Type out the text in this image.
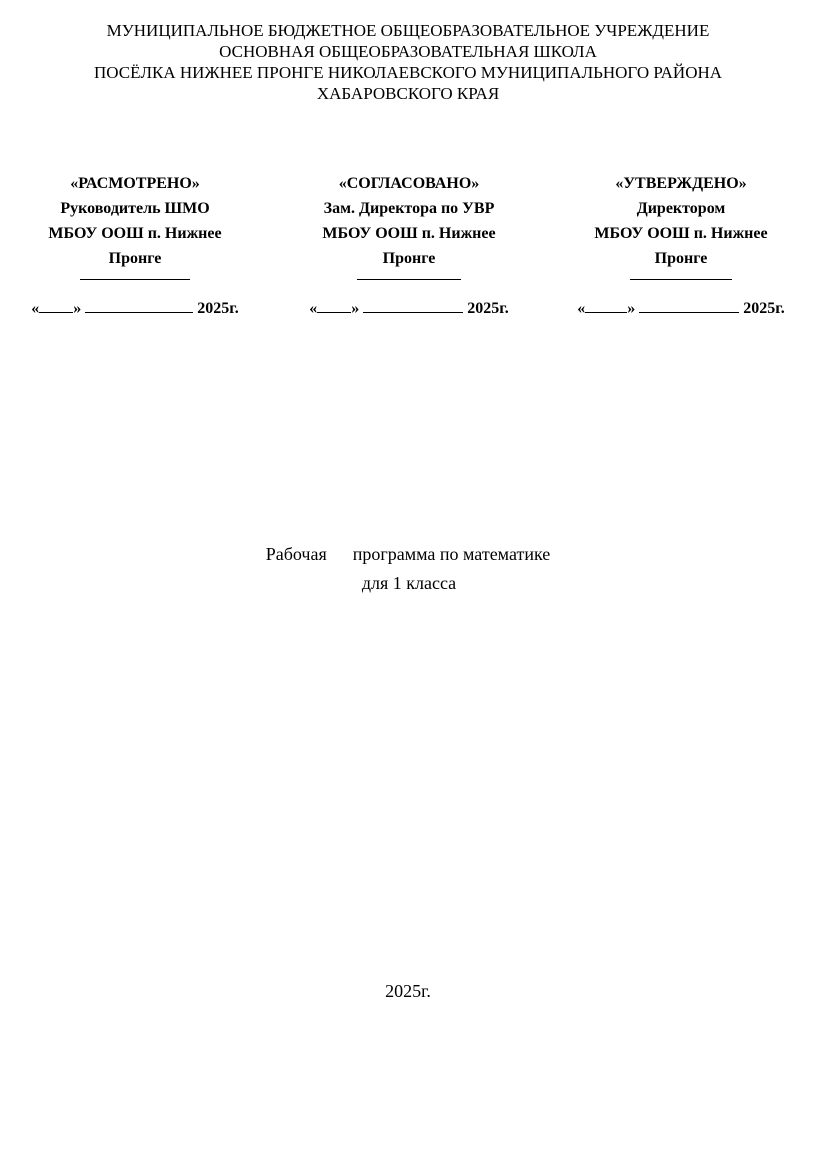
МУНИЦИПАЛЬНОЕ БЮДЖЕТНОЕ ОБЩЕОБРАЗОВАТЕЛЬНОЕ УЧРЕЖДЕНИЕ
ОСНОВНАЯ ОБЩЕОБРАЗОВАТЕЛЬНАЯ ШКОЛА
ПОСЁЛКА НИЖНЕЕ ПРОНГЕ НИКОЛАЕВСКОГО МУНИЦИПАЛЬНОГО РАЙОНА
ХАБАРОВСКОГО КРАЯ
«РАСМОТРЕНО»
Руководитель ШМО
МБОУ ООШ п. Нижнее
Пронге
« »	2025г.
«СОГЛАСОВАНО»
Зам. Директора по УВР
МБОУ ООШ п. Нижнее
Пронге
« »	2025г.
«УТВЕРЖДЕНО»
Директором
МБОУ ООШ п. Нижнее
Пронге
«	»	2025г.
Рабочая программа по математике
для 1 класса
2025г.
